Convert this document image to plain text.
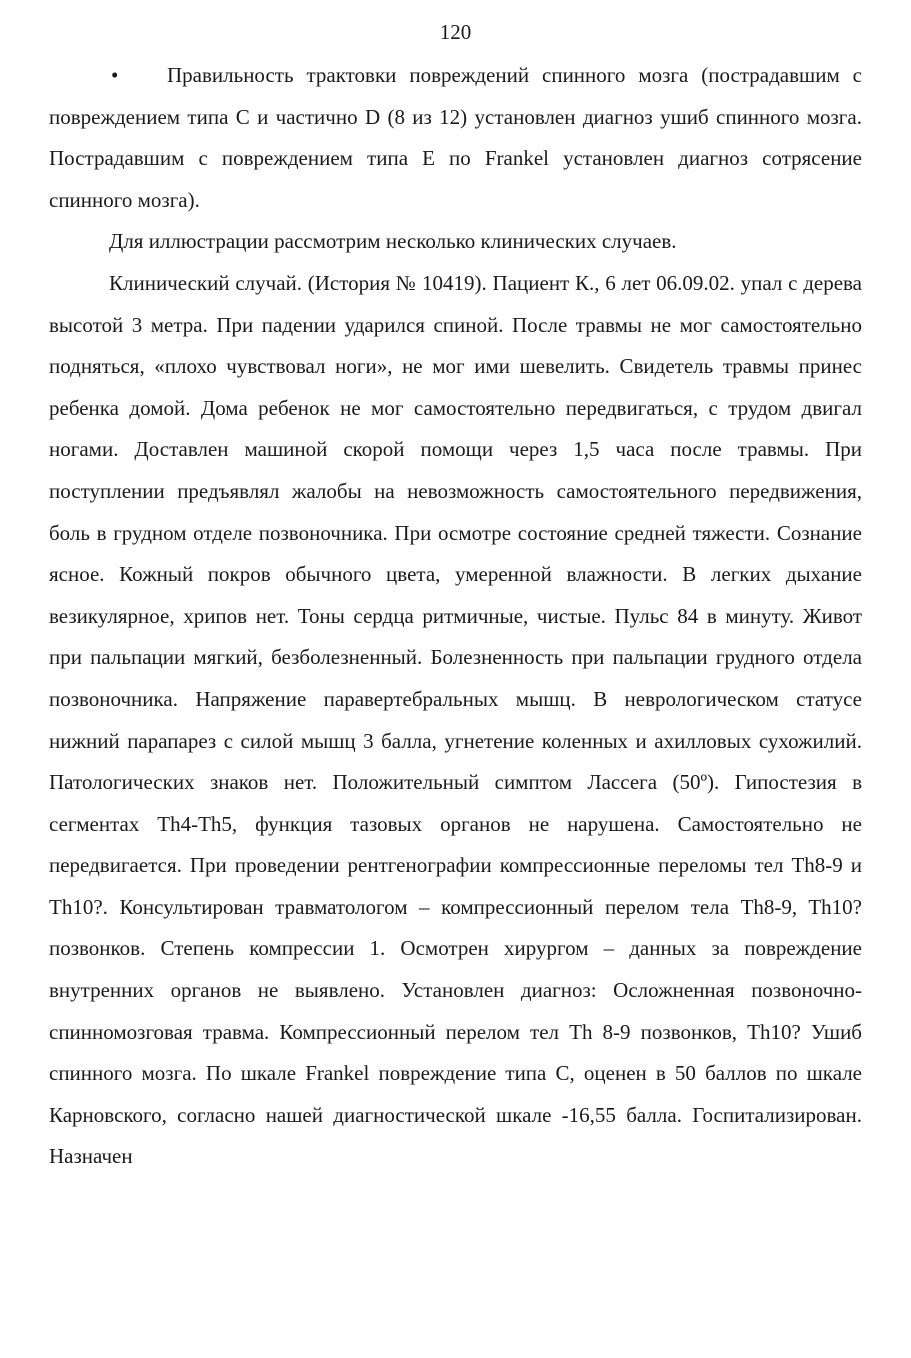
120

• Правильность трактовки повреждений спинного мозга (пострадавшим с повреждением типа С и частично D (8 из 12) установлен диагноз ушиб спинного мозга. Пострадавшим с повреждением типа Е по Frankel установлен диагноз сотрясение спинного мозга).

Для иллюстрации рассмотрим несколько клинических случаев.

Клинический случай. (История № 10419). Пациент К., 6 лет 06.09.02. упал с дерева высотой 3 метра. При падении ударился спиной. После травмы не мог самостоятельно подняться, «плохо чувствовал ноги», не мог ими шевелить. Свидетель травмы принес ребенка домой. Дома ребенок не мог самостоятельно передвигаться, с трудом двигал ногами. Доставлен машиной скорой помощи через 1,5 часа после травмы. При поступлении предъявлял жалобы на невозможность самостоятельного передвижения, боль в грудном отделе позвоночника. При осмотре состояние средней тяжести. Сознание ясное. Кожный покров обычного цвета, умеренной влажности. В легких дыхание везикулярное, хрипов нет. Тоны сердца ритмичные, чистые. Пульс 84 в минуту. Живот при пальпации мягкий, безболезненный. Болезненность при пальпации грудного отдела позвоночника. Напряжение паравертебральных мышц. В неврологическом статусе нижний парапарез с силой мышц 3 балла, угнетение коленных и ахилловых сухожилий. Патологических знаков нет. Положительный симптом Лассега (50º). Гипостезия в сегментах Th4-Th5, функция тазовых органов не нарушена. Самостоятельно не передвигается. При проведении рентгенографии компрессионные переломы тел Th8-9 и Th10?. Консультирован травматологом – компрессионный перелом тела Th8-9, Th10? позвонков. Степень компрессии 1. Осмотрен хирургом – данных за повреждение внутренних органов не выявлено. Установлен диагноз: Осложненная позвоночно-спинномозговая травма. Компрессионный перелом тел Th 8-9 позвонков, Th10? Ушиб спинного мозга. По шкале Frankel повреждение типа С, оценен в 50 баллов по шкале Карновского, согласно нашей диагностической шкале -16,55 балла. Госпитализирован. Назначен
